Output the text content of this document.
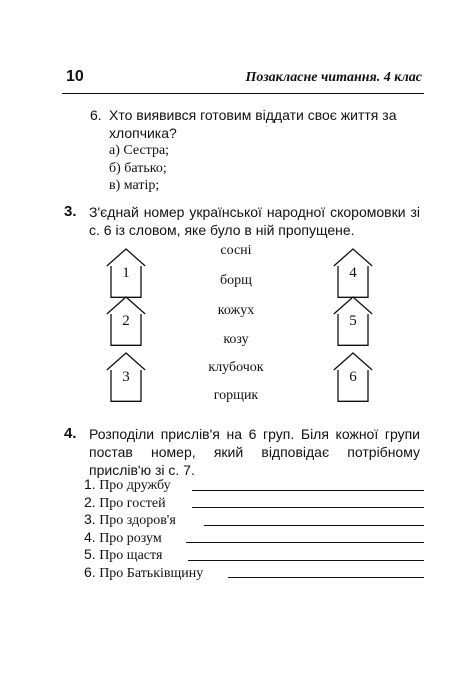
10	Позакласне читання. 4 клас
6. Хто виявився готовим віддати своє життя за хлопчика?
а) Сестра;
б) батько;
в) матір;
3. З'єднай номер української народної скоромовки зі с. 6 із словом, яке було в ній пропущене.
1
2
3
4
5
6
сосні
борщ
кожух
козу
клубочок
горщик
4. Розподіли прислів'я на 6 груп. Біля кожної групи постав номер, який відповідає потрібному прислів'ю зі с. 7.
1. Про дружбу
2. Про гостей
3. Про здоров'я
4. Про розум
5. Про щастя
6. Про Батьківщину
